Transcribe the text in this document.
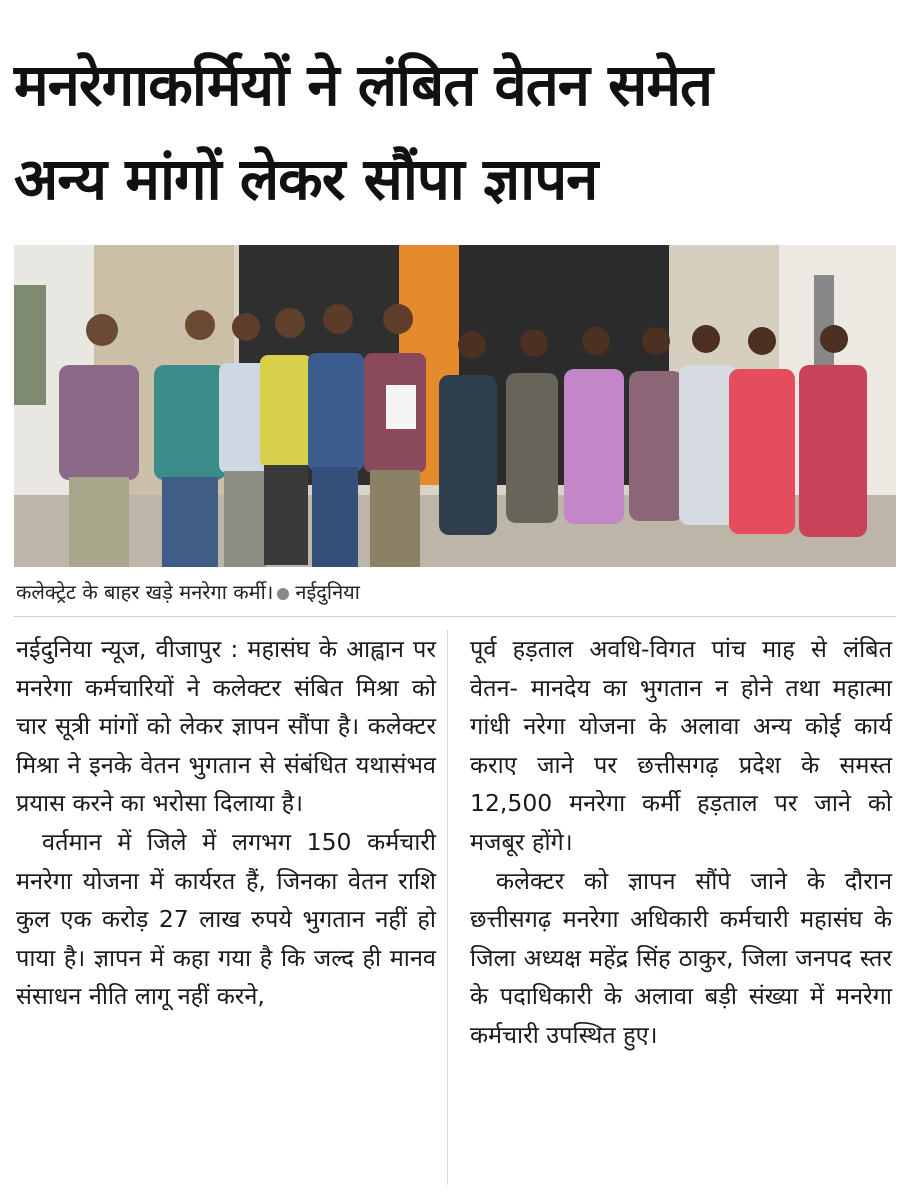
मनरेगाकर्मियों ने लंबित वेतन समेत
अन्य मांगों लेकर सौंपा ज्ञापन
कलेक्ट्रेट के बाहर खड़े मनरेगा कर्मी। नईदुनिया

नईदुनिया न्यूज, वीजापुर : महासंघ के आह्वान पर मनरेगा कर्मचारियों ने कलेक्टर संबित मिश्रा को चार सूत्री मांगों को लेकर ज्ञापन सौंपा है। कलेक्टर मिश्रा ने इनके वेतन भुगतान से संबंधित यथासंभव प्रयास करने का भरोसा दिलाया है।

वर्तमान में जिले में लगभग 150 कर्मचारी मनरेगा योजना में कार्यरत हैं, जिनका वेतन राशि कुल एक करोड़ 27 लाख रुपये भुगतान नहीं हो पाया है। ज्ञापन में कहा गया है कि जल्द ही मानव संसाधन नीति लागू नहीं करने,

पूर्व हड़ताल अवधि-विगत पांच माह से लंबित वेतन- मानदेय का भुगतान न होने तथा महात्मा गांधी नरेगा योजना के अलावा अन्य कोई कार्य कराए जाने पर छत्तीसगढ़ प्रदेश के समस्त 12,500 मनरेगा कर्मी हड़ताल पर जाने को मजबूर होंगे।

कलेक्टर को ज्ञापन सौंपे जाने के दौरान छत्तीसगढ़ मनरेगा अधिकारी कर्मचारी महासंघ के जिला अध्यक्ष महेंद्र सिंह ठाकुर, जिला जनपद स्तर के पदाधिकारी के अलावा बड़ी संख्या में मनरेगा कर्मचारी उपस्थित हुए।
